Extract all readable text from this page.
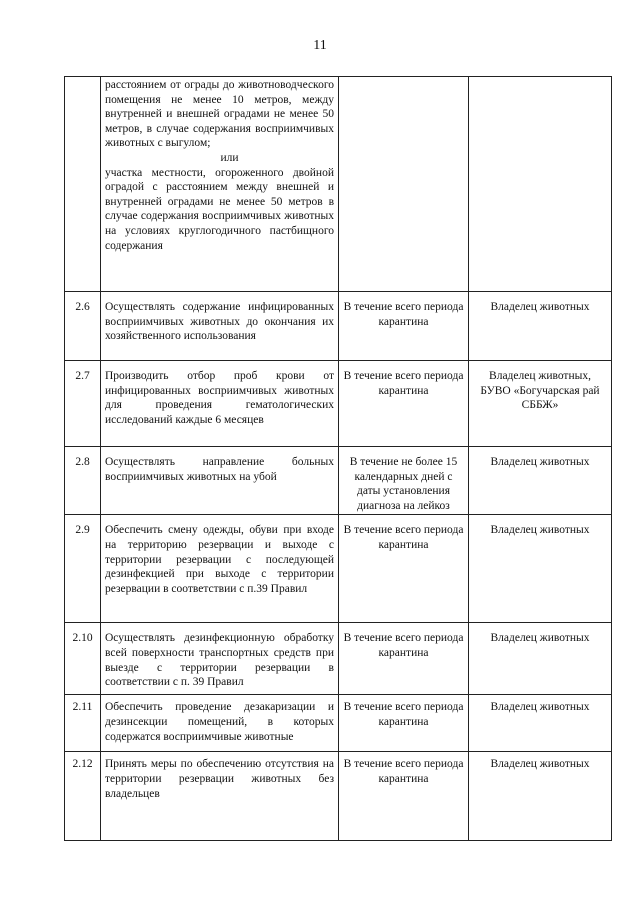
11

	расстоянием от ограды до животноводческого помещения не менее 10 метров, между внутренней и внешней оградами не менее 50 метров, в случае содержания восприимчивых животных с выгулом;
или
участка местности, огороженного двойной оградой с расстоянием между внешней и внутренней оградами не менее 50 метров в случае содержания восприимчивых животных на условиях круглогодичного пастбищного содержания		

2.6	Осуществлять содержание инфицированных восприимчивых животных до окончания их хозяйственного использования	В течение всего периода карантина	Владелец животных
2.7	Производить отбор проб крови от инфицированных восприимчивых животных для проведения гематологических исследований каждые 6 месяцев	В течение всего периода карантина	Владелец животных, БУВО «Богучарская рай СББЖ»
2.8	Осуществлять направление больных восприимчивых животных на убой	В течение не более 15 календарных дней с даты установления диагноза на лейкоз	Владелец животных
2.9	Обеспечить смену одежды, обуви при входе на территорию резервации и выходе с территории резервации с последующей дезинфекцией при выходе с территории резервации в соответствии с п.39 Правил	В течение всего периода карантина	Владелец животных
2.10	Осуществлять дезинфекционную обработку всей поверхности транспортных средств при выезде с территории резервации в соответствии с п. 39 Правил	В течение всего периода карантина	Владелец животных
2.11	Обеспечить проведение дезакаризации и дезинсекции помещений, в которых содержатся восприимчивые животные	В течение всего периода карантина	Владелец животных
2.12	Принять меры по обеспечению отсутствия на территории резервации животных без владельцев	В течение всего периода карантина	Владелец животных
